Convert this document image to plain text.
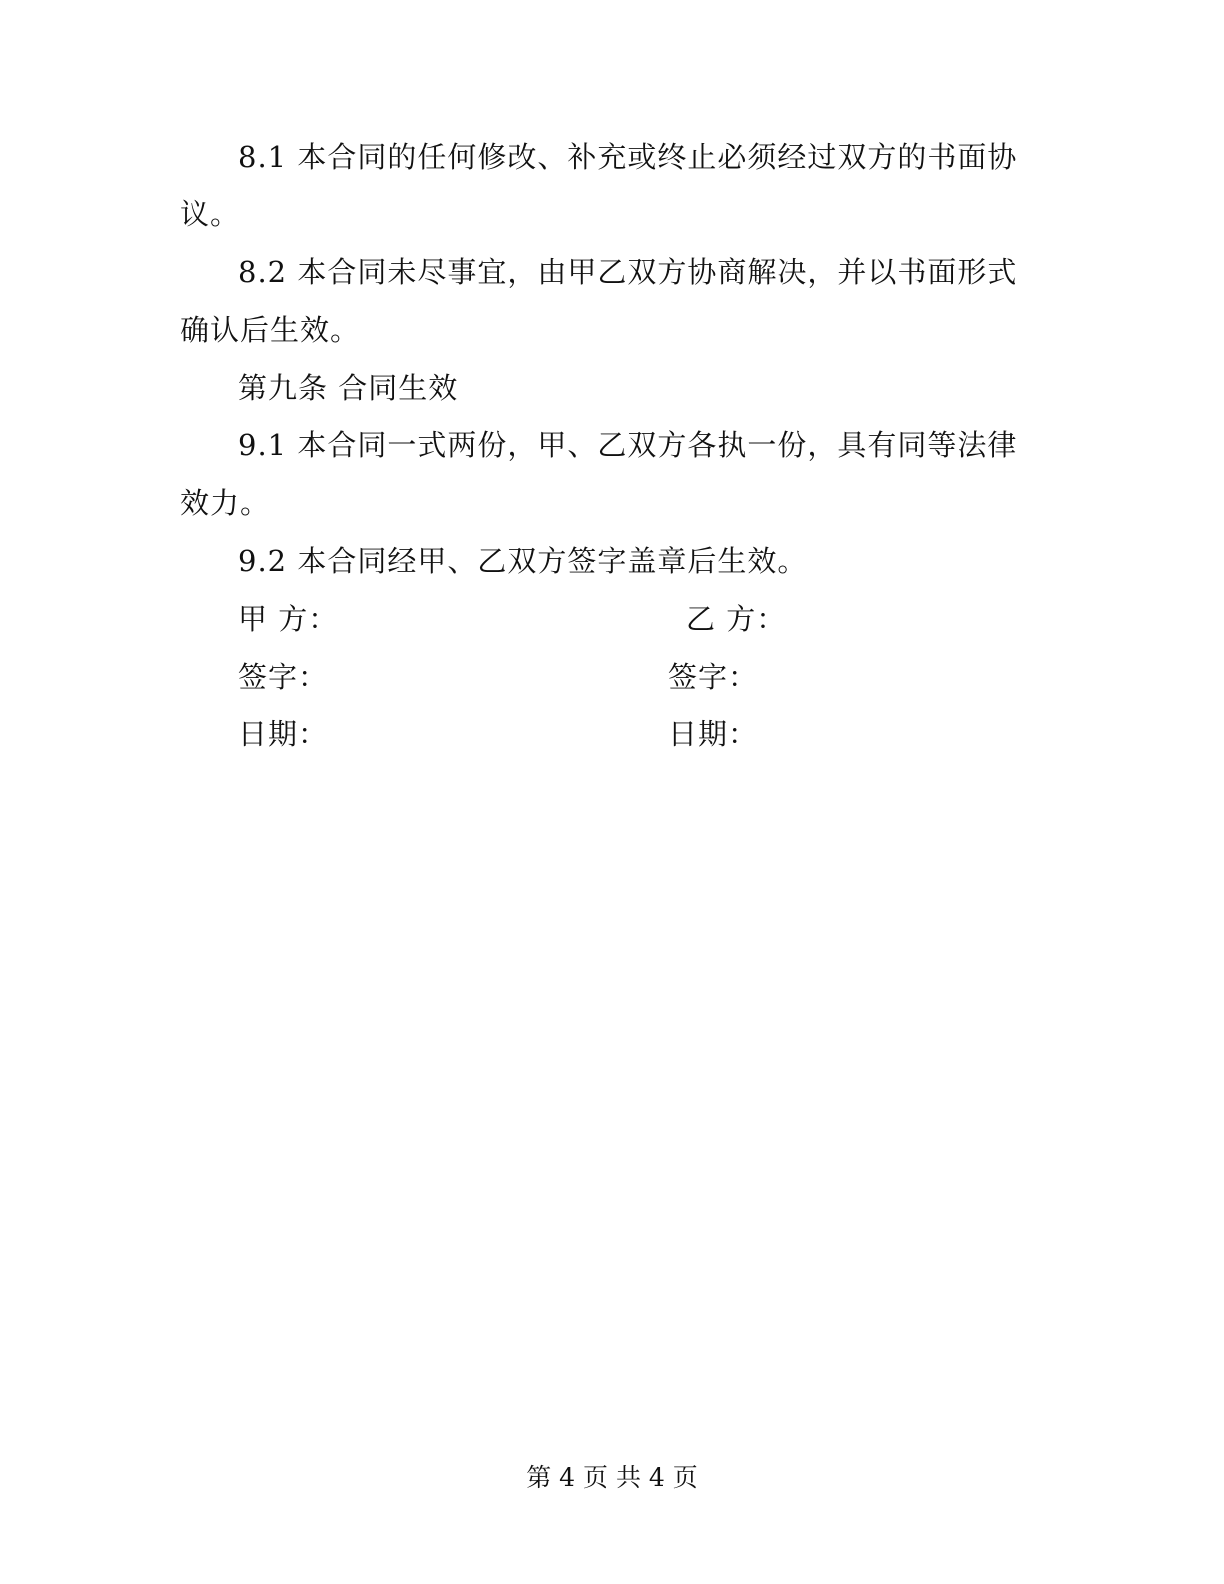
8.1 本合同的任何修改、补充或终止必须经过双方的书面协
议。
8.2 本合同未尽事宜，由甲乙双方协商解决，并以书面形式
确认后生效。
第九条 合同生效
9.1 本合同一式两份，甲、乙双方各执一份，具有同等法律
效力。
9.2 本合同经甲、乙双方签字盖章后生效。
甲 方：	乙 方：
签字：	签字：
日期：	日期：
第 4 页 共 4 页
